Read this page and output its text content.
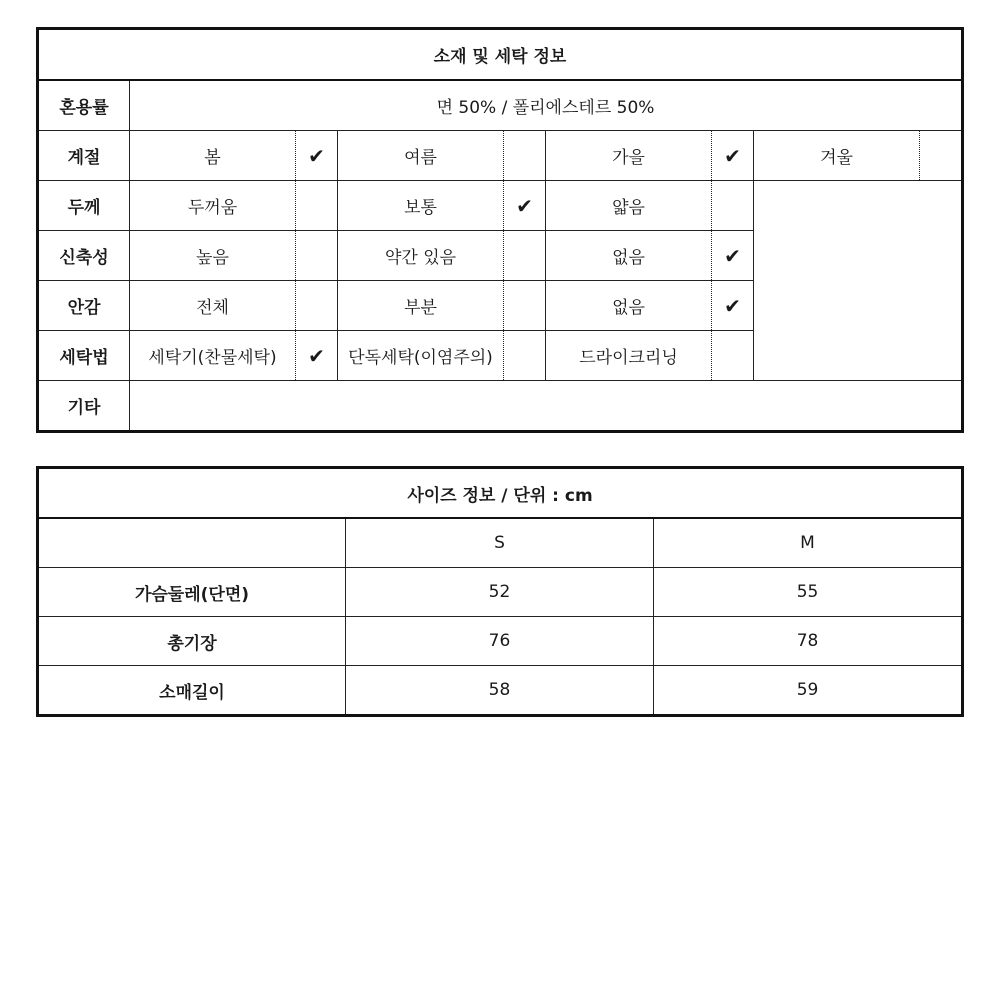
소재 및 세탁 정보								
혼용률	면 50% / 폴리에스테르 50%							
계절	봄	✔	여름		가을	✔	겨울	
두께	두꺼움		보통	✔	얇음			
신축성	높음		약간 있음		없음	✔		
안감	전체		부분		없음	✔		
세탁법	세탁기(찬물세탁)	✔	단독세탁(이염주의)		드라이크리닝			
기타								
사이즈 정보 / 단위 : cm		
	S	M
가슴둘레(단면)	52	55
총기장	76	78
소매길이	58	59
